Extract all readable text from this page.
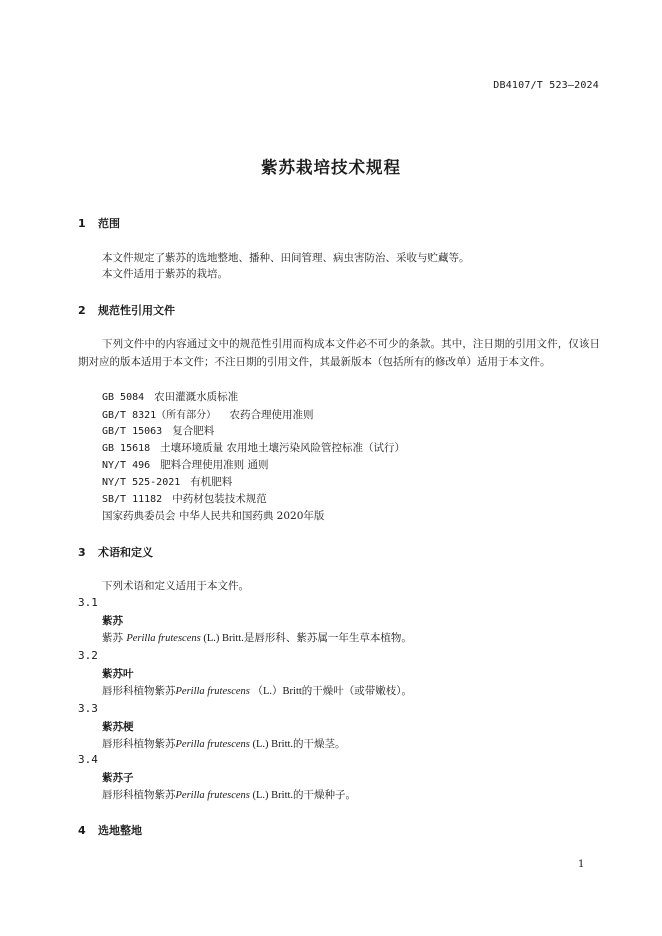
DB4107/T 523—2024
紫苏栽培技术规程
1 范围
本文件规定了紫苏的选地整地、播种、田间管理、病虫害防治、采收与贮藏等。
本文件适用于紫苏的栽培。
2 规范性引用文件
下列文件中的内容通过文中的规范性引用而构成本文件必不可少的条款。其中，注日期的引用文件，仅该日期对应的版本适用于本文件；不注日期的引用文件，其最新版本（包括所有的修改单）适用于本文件。
GB 5084 农田灌溉水质标准
GB/T 8321（所有部分） 农药合理使用准则
GB/T 15063 复合肥料
GB 15618 土壤环境质量 农用地土壤污染风险管控标准（试行）
NY/T 496 肥料合理使用准则 通则
NY/T 525-2021 有机肥料
SB/T 11182 中药材包装技术规范
国家药典委员会 中华人民共和国药典 2020年版
3 术语和定义
下列术语和定义适用于本文件。
3.1
紫苏
紫苏 Perilla frutescens (L.) Britt.是唇形科、紫苏属一年生草本植物。
3.2
紫苏叶
唇形科植物紫苏Perilla frutescens （L.）Britt的干燥叶（或带嫩枝）。
3.3
紫苏梗
唇形科植物紫苏Perilla frutescens (L.) Britt.的干燥茎。
3.4
紫苏子
唇形科植物紫苏Perilla frutescens (L.) Britt.的干燥种子。
4 选地整地
1
